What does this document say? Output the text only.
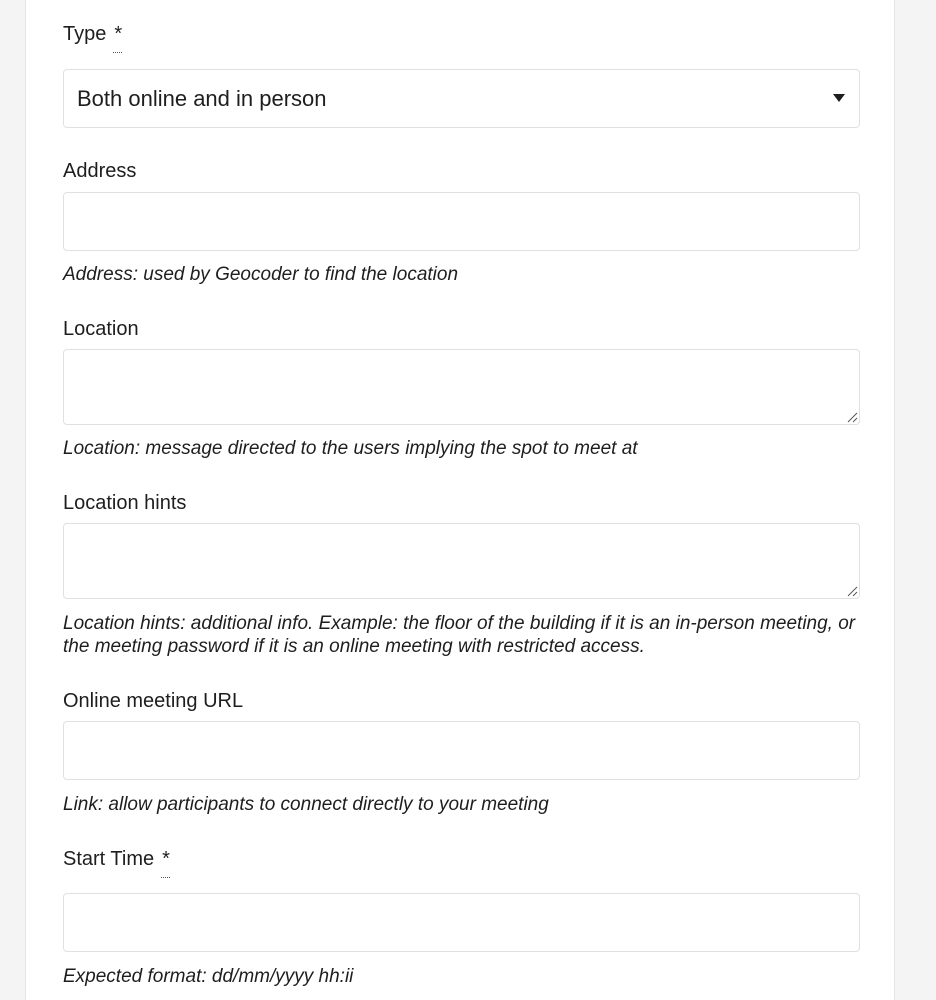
Type *
Both online and in person
Address
Address: used by Geocoder to find the location
Location
Location: message directed to the users implying the spot to meet at
Location hints
Location hints: additional info. Example: the floor of the building if it is an in-person meeting, or the meeting password if it is an online meeting with restricted access.
Online meeting URL
Link: allow participants to connect directly to your meeting
Start Time *
Expected format: dd/mm/yyyy hh:ii
